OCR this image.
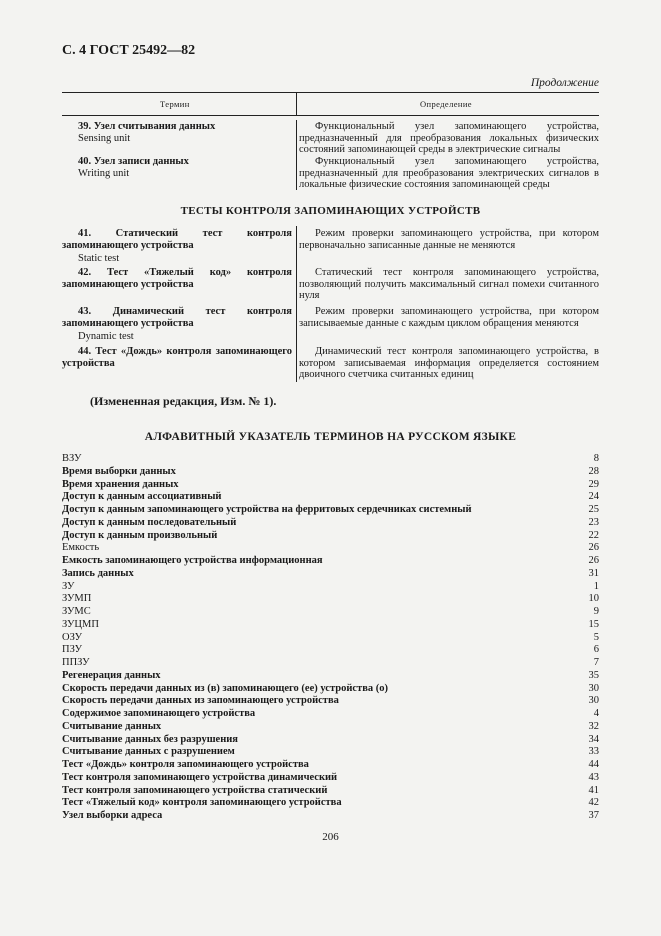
С. 4 ГОСТ 25492—82
Продолжение
Термин	Определение
39. Узел считывания данных
Sensing unit
Функциональный узел запоминающего устройства, предназначенный для преобразования локальных физических состояний запоминающей среды в электрические сигналы
40. Узел записи данных
Writing unit
Функциональный узел запоминающего устройства, предназначенный для преобразования электрических сигналов в локальные физические состояния запоминающей среды
ТЕСТЫ КОНТРОЛЯ ЗАПОМИНАЮЩИХ УСТРОЙСТВ
41. Статический тест контроля запоминающего устройства
Static test
Режим проверки запоминающего устройства, при котором первоначально записанные данные не меняются
42. Тест «Тяжелый код» контроля запоминающего устройства
Статический тест контроля запоминающего устройства, позволяющий получить максимальный сигнал помехи считанного нуля
43. Динамический тест контроля запоминающего устройства
Dynamic test
Режим проверки запоминающего устройства, при котором записываемые данные с каждым циклом обращения меняются
44. Тест «Дождь» контроля запоминающего устройства
Динамический тест контроля запоминающего устройства, в котором записываемая информация определяется состоянием двоичного счетчика считанных единиц
(Измененная редакция, Изм. № 1).
АЛФАВИТНЫЙ УКАЗАТЕЛЬ ТЕРМИНОВ НА РУССКОМ ЯЗЫКЕ
ВЗУ	8
Время выборки данных	28
Время хранения данных	29
Доступ к данным ассоциативный	24
Доступ к данным запоминающего устройства на ферритовых сердечниках системный	25
Доступ к данным последовательный	23
Доступ к данным произвольный	22
Емкость	26
Емкость запоминающего устройства информационная	26
Запись данных	31
ЗУ	1
ЗУМП	10
ЗУМС	9
ЗУЦМП	15
ОЗУ	5
ПЗУ	6
ППЗУ	7
Регенерация данных	35
Скорость передачи данных из (в) запоминающего (ее) устройства (о)	30
Скорость передачи данных из запоминающего устройства	30
Содержимое запоминающего устройства	4
Считывание данных	32
Считывание данных без разрушения	34
Считывание данных с разрушением	33
Тест «Дождь» контроля запоминающего устройства	44
Тест контроля запоминающего устройства динамический	43
Тест контроля запоминающего устройства статический	41
Тест «Тяжелый код» контроля запоминающего устройства	42
Узел выборки адреса	37
206
